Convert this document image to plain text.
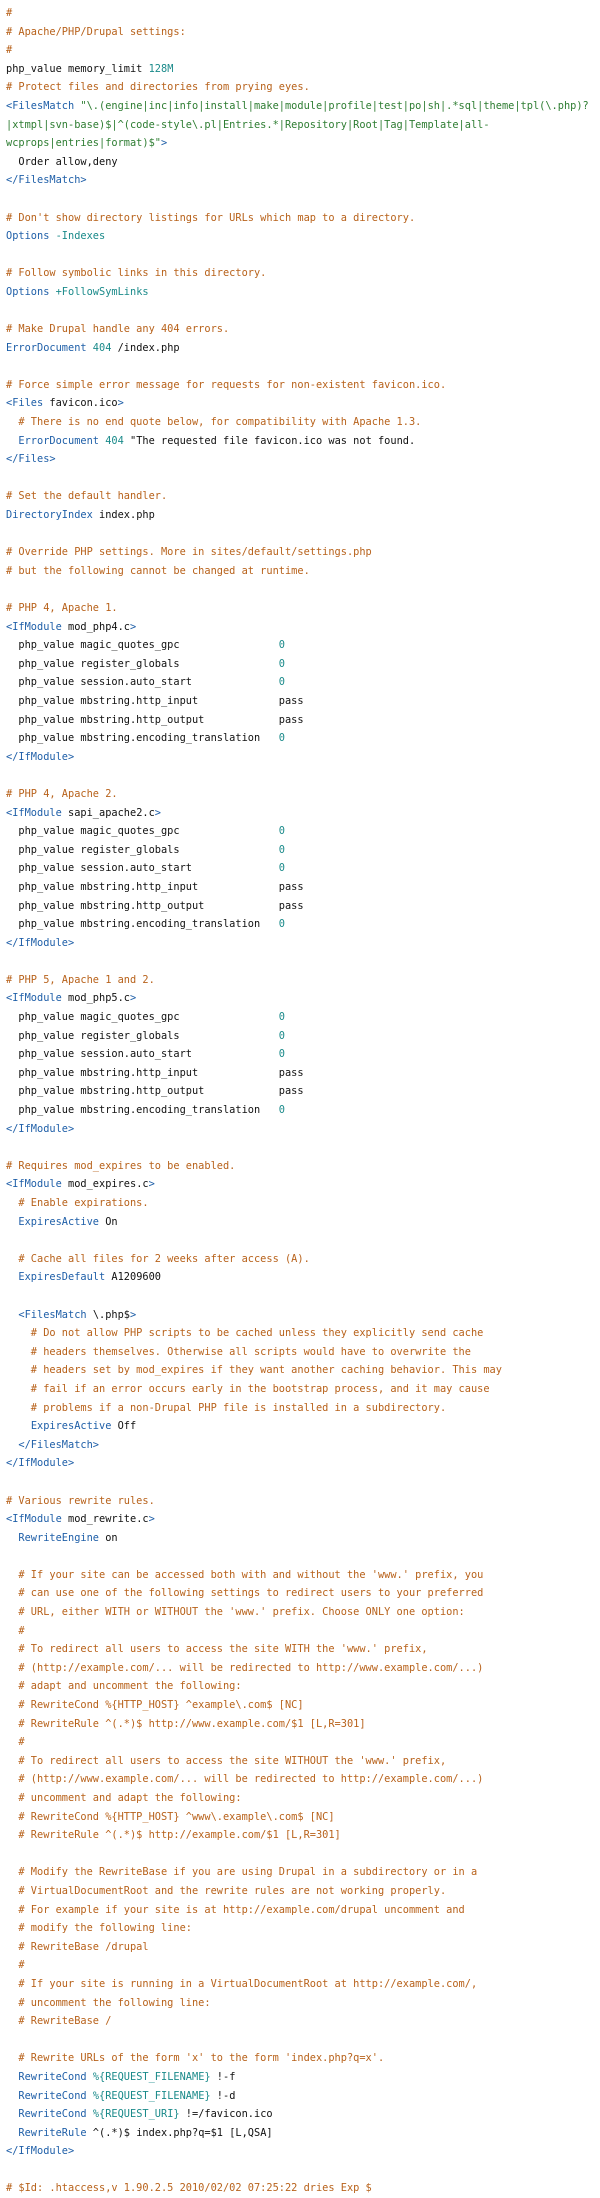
#
# Apache/PHP/Drupal settings:
#
php_value memory_limit 128M
# Protect files and directories from prying eyes.
<FilesMatch "\.(engine|inc|info|install|make|module|profile|test|po|sh|.*sql|theme|tpl(\.php)?
|xtmpl|svn-base)$|^(code-style\.pl|Entries.*|Repository|Root|Tag|Template|all-
wcprops|entries|format)$">
Order allow,deny
</FilesMatch>
# Don't show directory listings for URLs which map to a directory.
Options -Indexes
# Follow symbolic links in this directory.
Options +FollowSymLinks
# Make Drupal handle any 404 errors.
ErrorDocument 404 /index.php
# Force simple error message for requests for non-existent favicon.ico.
<Files favicon.ico>
# There is no end quote below, for compatibility with Apache 1.3.
ErrorDocument 404 "The requested file favicon.ico was not found.
</Files>
# Set the default handler.
DirectoryIndex index.php
# Override PHP settings. More in sites/default/settings.php
# but the following cannot be changed at runtime.
# PHP 4, Apache 1.
<IfModule mod_php4.c>
php_value magic_quotes_gpc                0
php_value register_globals                0
php_value session.auto_start              0
php_value mbstring.http_input             pass
php_value mbstring.http_output            pass
php_value mbstring.encoding_translation   0
</IfModule>
# PHP 4, Apache 2.
<IfModule sapi_apache2.c>
php_value magic_quotes_gpc                0
php_value register_globals                0
php_value session.auto_start              0
php_value mbstring.http_input             pass
php_value mbstring.http_output            pass
php_value mbstring.encoding_translation   0
</IfModule>
# PHP 5, Apache 1 and 2.
<IfModule mod_php5.c>
php_value magic_quotes_gpc                0
php_value register_globals                0
php_value session.auto_start              0
php_value mbstring.http_input             pass
php_value mbstring.http_output            pass
php_value mbstring.encoding_translation   0
</IfModule>
# Requires mod_expires to be enabled.
<IfModule mod_expires.c>
# Enable expirations.
ExpiresActive On
# Cache all files for 2 weeks after access (A).
ExpiresDefault A1209600
<FilesMatch \.php$>
# Do not allow PHP scripts to be cached unless they explicitly send cache
# headers themselves. Otherwise all scripts would have to overwrite the
# headers set by mod_expires if they want another caching behavior. This may
# fail if an error occurs early in the bootstrap process, and it may cause
# problems if a non-Drupal PHP file is installed in a subdirectory.
ExpiresActive Off
</FilesMatch>
</IfModule>
# Various rewrite rules.
<IfModule mod_rewrite.c>
RewriteEngine on
# If your site can be accessed both with and without the 'www.' prefix, you
# can use one of the following settings to redirect users to your preferred
# URL, either WITH or WITHOUT the 'www.' prefix. Choose ONLY one option:
#
# To redirect all users to access the site WITH the 'www.' prefix,
# (http://example.com/... will be redirected to http://www.example.com/...)
# adapt and uncomment the following:
# RewriteCond %{HTTP_HOST} ^example\.com$ [NC]
# RewriteRule ^(.*)$ http://www.example.com/$1 [L,R=301]
#
# To redirect all users to access the site WITHOUT the 'www.' prefix,
# (http://www.example.com/... will be redirected to http://example.com/...)
# uncomment and adapt the following:
# RewriteCond %{HTTP_HOST} ^www\.example\.com$ [NC]
# RewriteRule ^(.*)$ http://example.com/$1 [L,R=301]
# Modify the RewriteBase if you are using Drupal in a subdirectory or in a
# VirtualDocumentRoot and the rewrite rules are not working properly.
# For example if your site is at http://example.com/drupal uncomment and
# modify the following line:
# RewriteBase /drupal
#
# If your site is running in a VirtualDocumentRoot at http://example.com/,
# uncomment the following line:
# RewriteBase /
# Rewrite URLs of the form 'x' to the form 'index.php?q=x'.
RewriteCond %{REQUEST_FILENAME} !-f
RewriteCond %{REQUEST_FILENAME} !-d
RewriteCond %{REQUEST_URI} !=/favicon.ico
RewriteRule ^(.*)$ index.php?q=$1 [L,QSA]
</IfModule>
# $Id: .htaccess,v 1.90.2.5 2010/02/02 07:25:22 dries Exp $
